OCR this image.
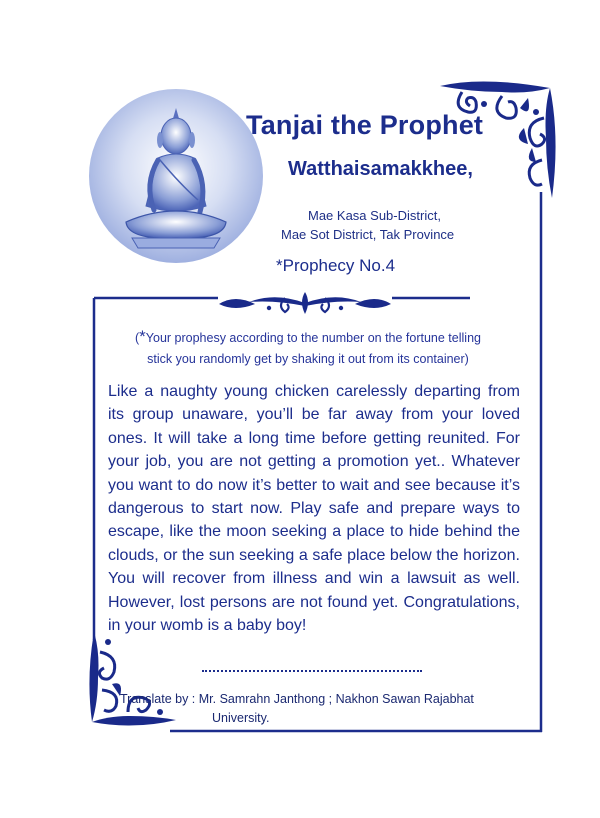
Tanjai the Prophet
Watthaisamakkhee,
Mae Kasa Sub-District,
Mae Sot District, Tak Province
*Prophecy No.4
(*Your prophesy according to the number on the fortune telling
stick you randomly get by shaking it out from its container)
Like a naughty young chicken carelessly departing from its group unaware, you’ll be far away from your loved ones. It will take a long time before getting reunited. For your job, you are not getting a promotion yet.. Whatever you want to do now it’s better to wait and see because it’s dangerous to start now. Play safe and prepare ways to escape, like the moon seeking a place to hide behind the clouds, or the sun seeking a safe place below the horizon. You will recover from illness and win a lawsuit as well. However, lost persons are not found yet. Congratulations, in your womb is a baby boy!
Translate by : Mr. Samrahn Janthong ; Nakhon Sawan Rajabhat
University.
